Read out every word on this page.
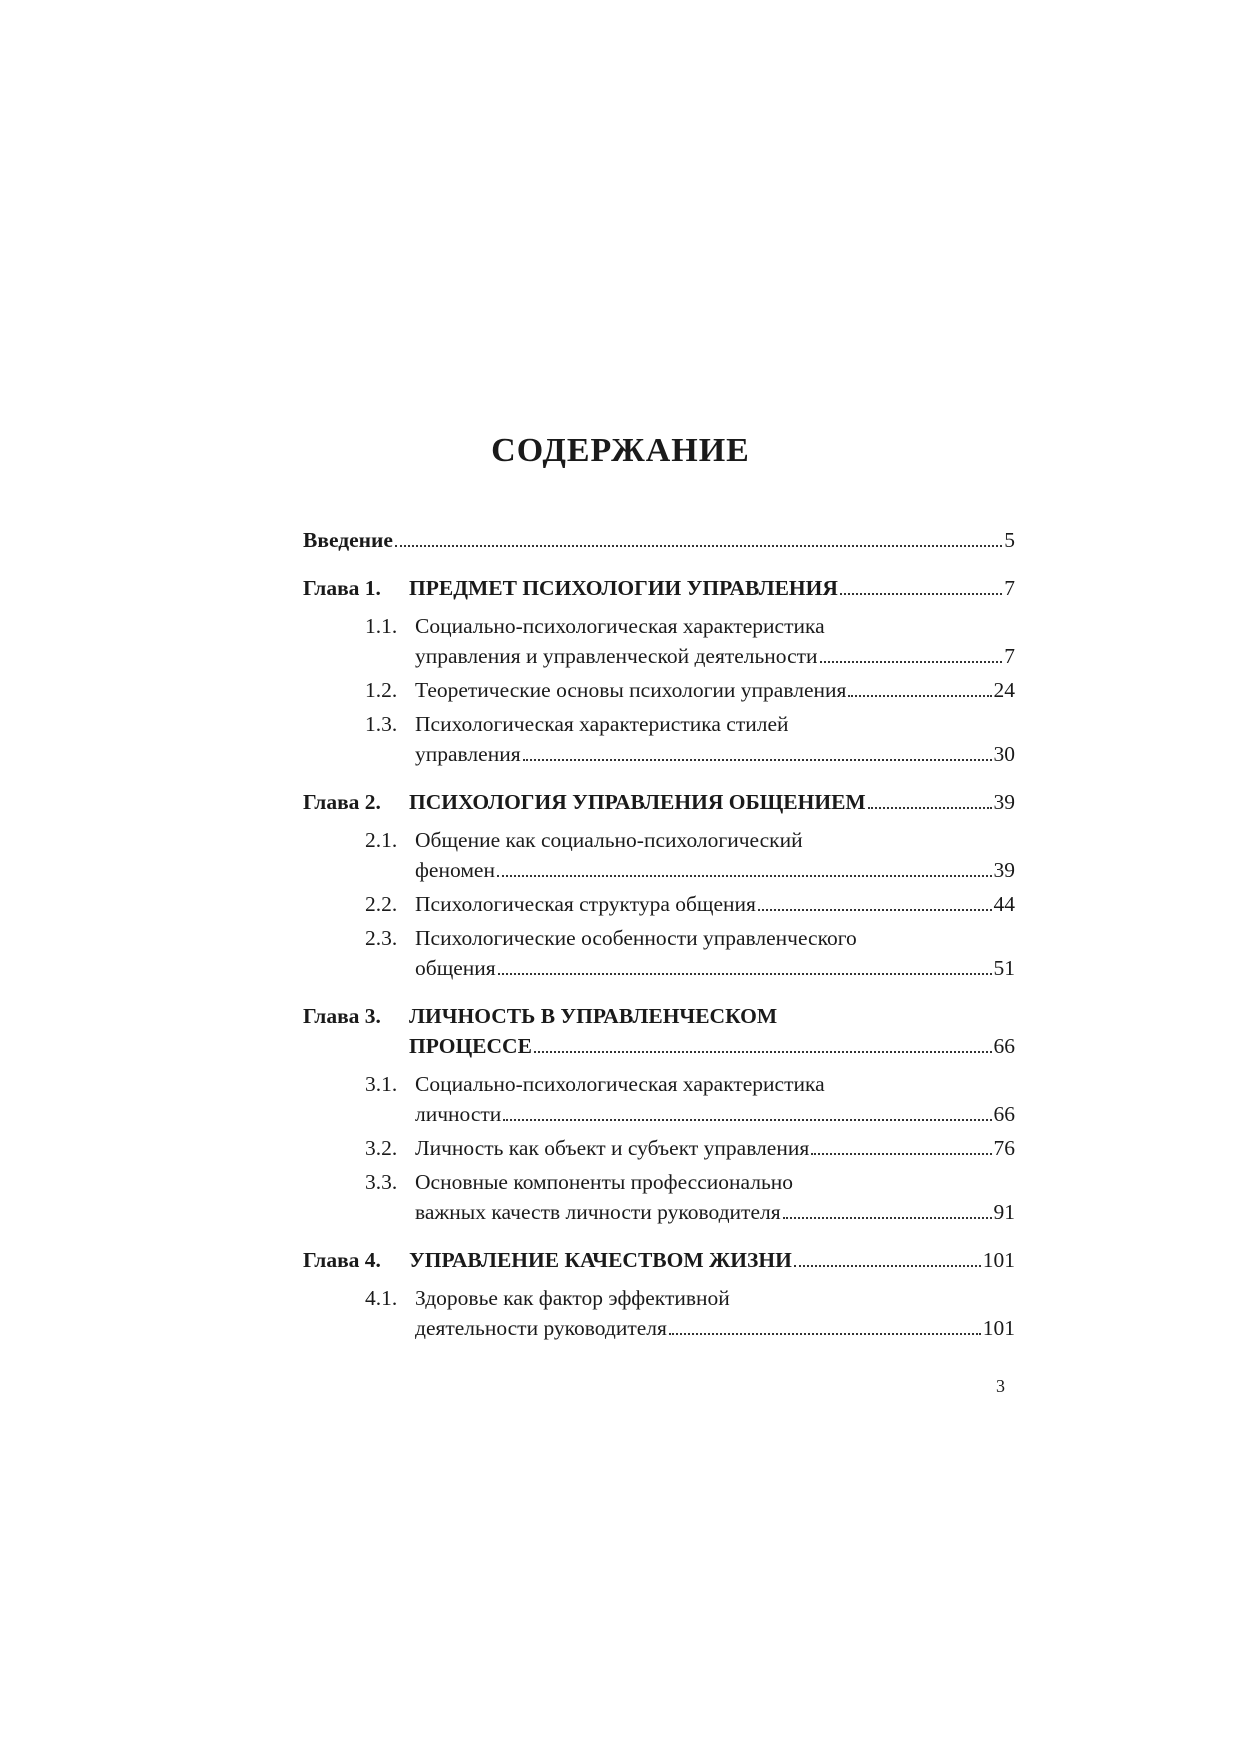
СОДЕРЖАНИЕ
Введение	5
Глава 1.	ПРЕДМЕТ ПСИХОЛОГИИ УПРАВЛЕНИЯ	7
1.1. Социально-психологическая характеристика
управления и управленческой деятельности	7
1.2. Теоретические основы психологии управления	24
1.3. Психологическая характеристика стилей
управления	30
Глава 2.	ПСИХОЛОГИЯ УПРАВЛЕНИЯ ОБЩЕНИЕМ	39
2.1. Общение как социально-психологический
феномен	39
2.2. Психологическая структура общения	44
2.3. Психологические особенности управленческого
общения	51
Глава 3.	ЛИЧНОСТЬ В УПРАВЛЕНЧЕСКОМ
ПРОЦЕССЕ	66
3.1. Социально-психологическая характеристика
личности	66
3.2. Личность как объект и субъект управления	76
3.3. Основные компоненты профессионально
важных качеств личности руководителя	91
Глава 4.	УПРАВЛЕНИЕ КАЧЕСТВОМ ЖИЗНИ	101
4.1. Здоровье как фактор эффективной
деятельности руководителя	101
3
